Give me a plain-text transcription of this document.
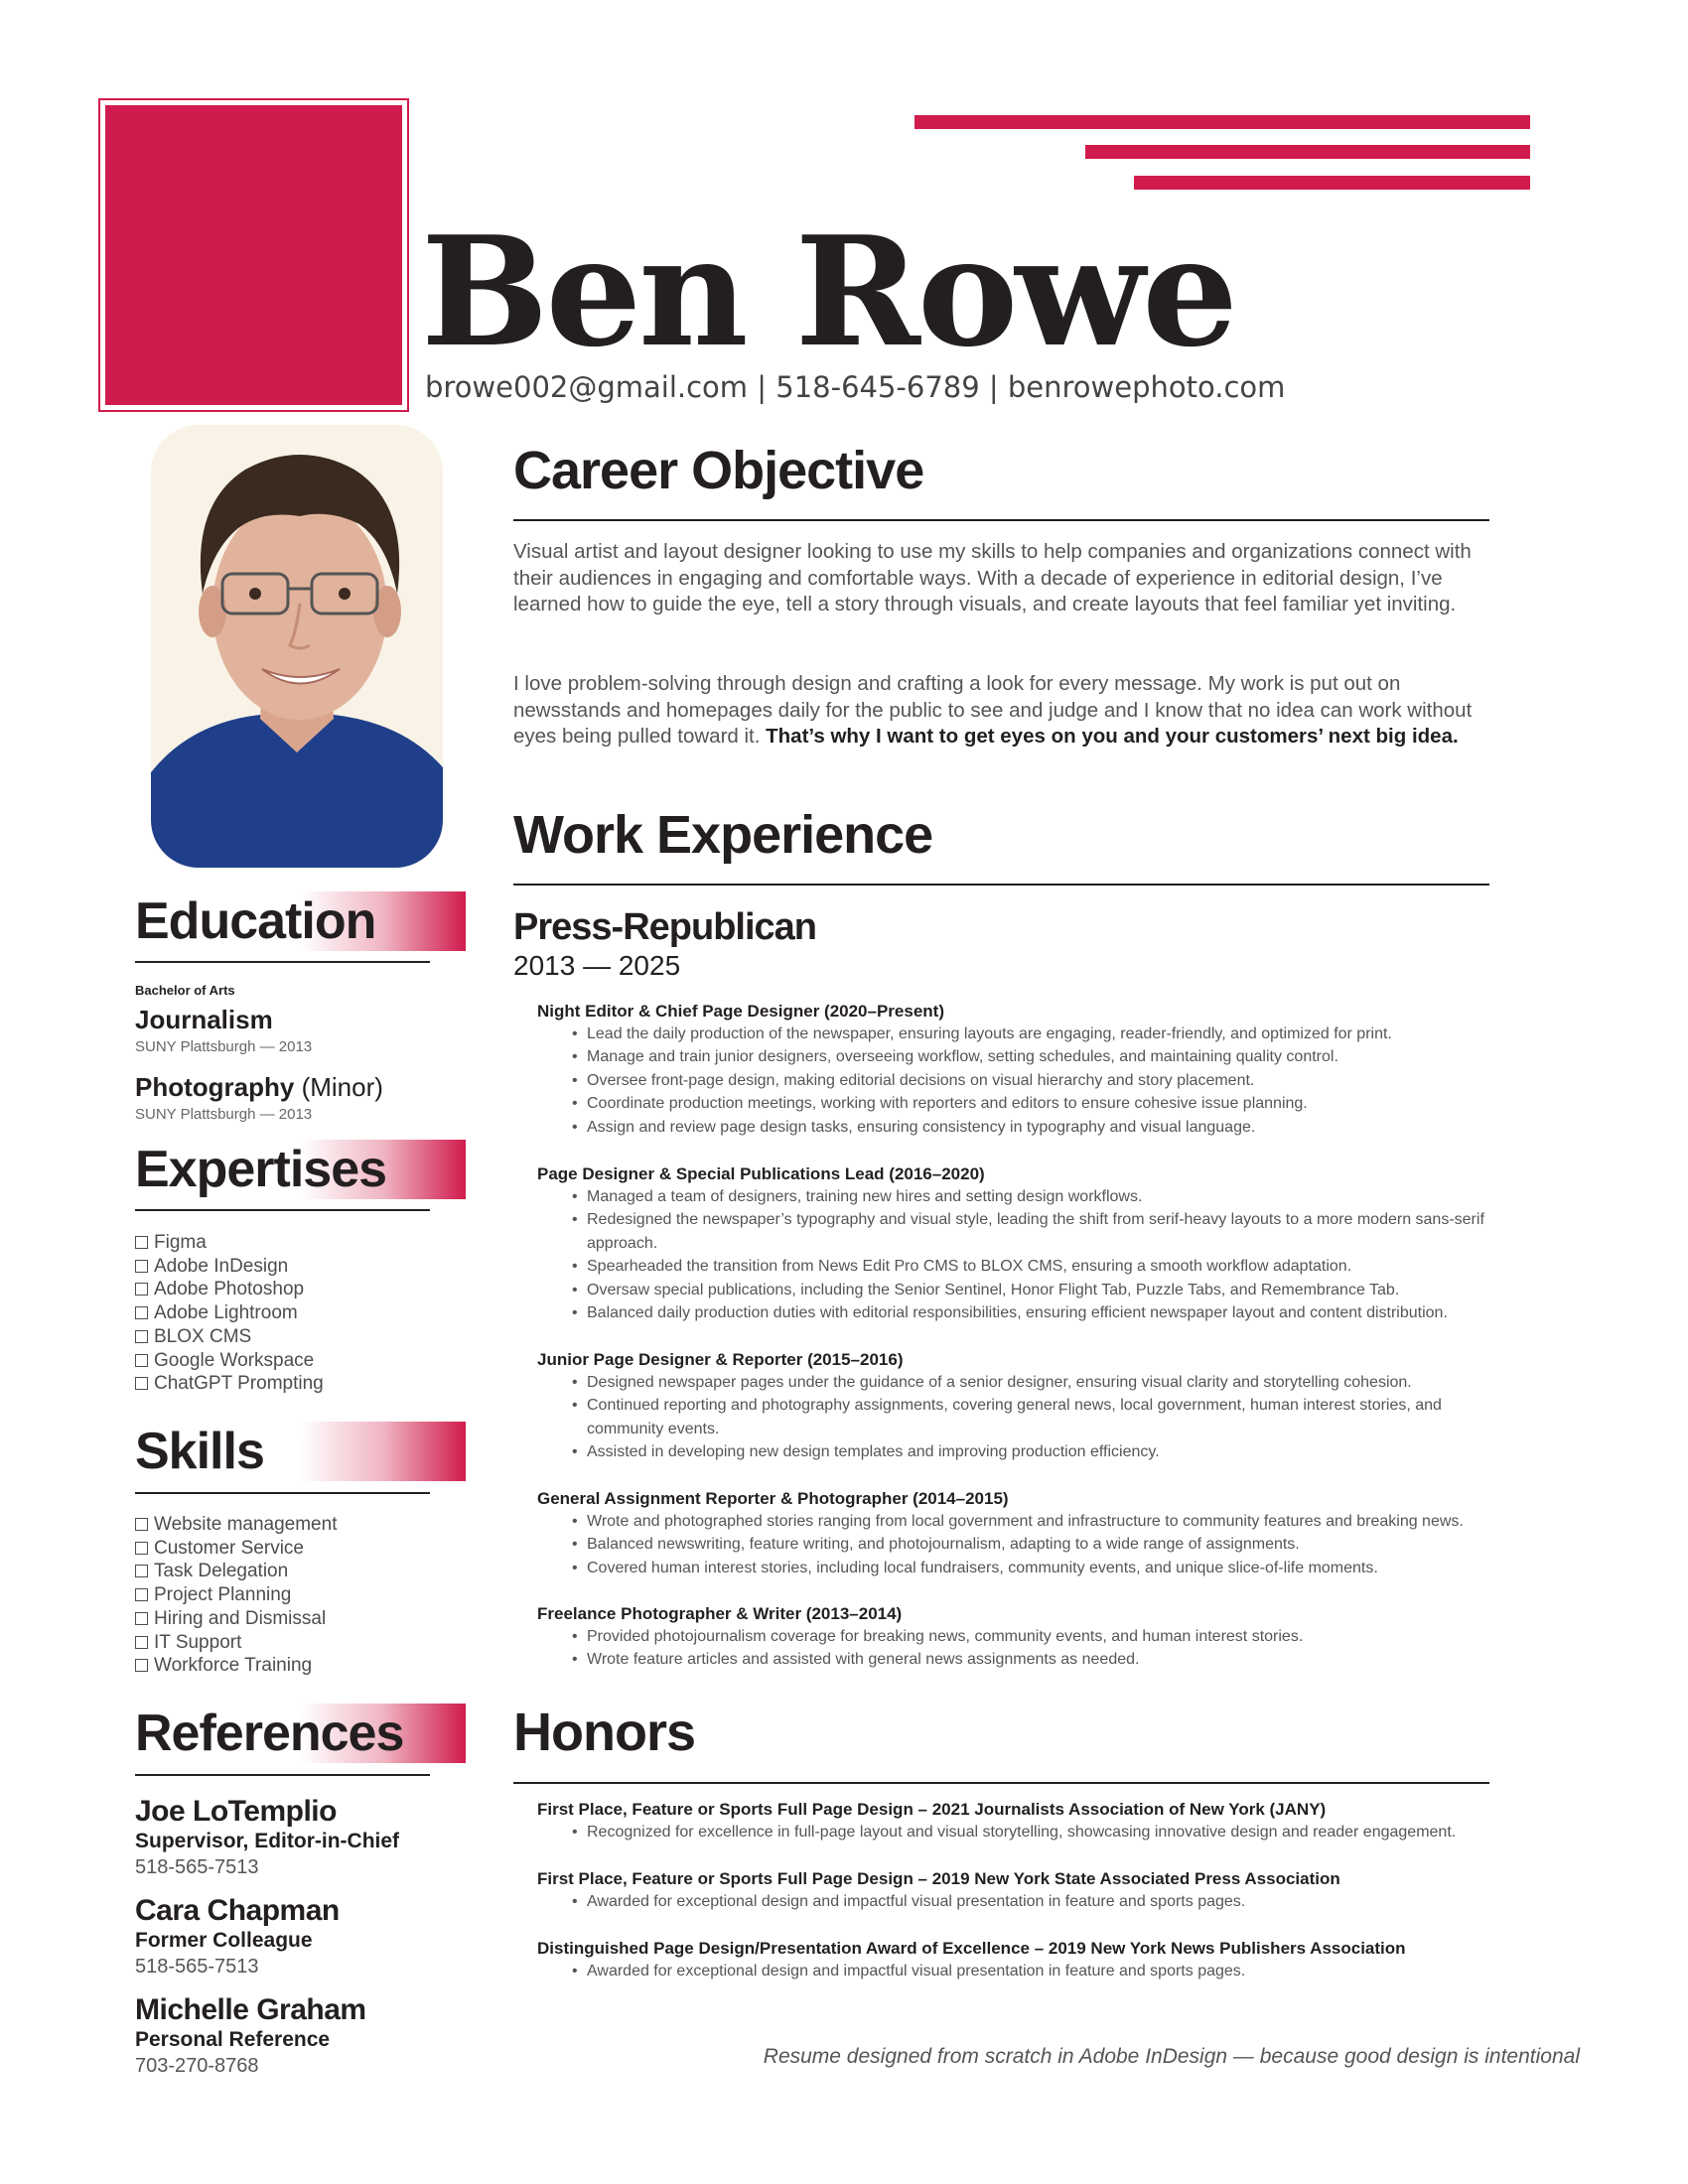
Ben Rowe
browe002@gmail.com | 518-645-6789 | benrowephoto.com
Education
Bachelor of Arts
Journalism
SUNY Plattsburgh — 2013
Photography (Minor)
SUNY Plattsburgh — 2013
Expertises
Figma
Adobe InDesign
Adobe Photoshop
Adobe Lightroom
BLOX CMS
Google Workspace
ChatGPT Prompting
Skills
Website management
Customer Service
Task Delegation
Project Planning
Hiring and Dismissal
IT Support
Workforce Training
References
Joe LoTemplio
Supervisor, Editor-in-Chief
518-565-7513
Cara Chapman
Former Colleague
518-565-7513
Michelle Graham
Personal Reference
703-270-8768
Career Objective

Visual artist and layout designer looking to use my skills to help companies and organizations connect with their audiences in engaging and comfortable ways. With a decade of experience in editorial design, I’ve learned how to guide the eye, tell a story through visuals, and create layouts that feel familiar yet inviting.

I love problem-solving through design and crafting a look for every message. My work is put out on newsstands and homepages daily for the public to see and judge and I know that no idea can work without eyes being pulled toward it. That’s why I want to get eyes on you and your customers’ next big idea.

Work Experience
Press-Republican
2013 — 2025
Night Editor & Chief Page Designer (2020–Present)
• Lead the daily production of the newspaper, ensuring layouts are engaging, reader-friendly, and optimized for print.
• Manage and train junior designers, overseeing workflow, setting schedules, and maintaining quality control.
• Oversee front-page design, making editorial decisions on visual hierarchy and story placement.
• Coordinate production meetings, working with reporters and editors to ensure cohesive issue planning.
• Assign and review page design tasks, ensuring consistency in typography and visual language.
Page Designer & Special Publications Lead (2016–2020)
• Managed a team of designers, training new hires and setting design workflows.
• Redesigned the newspaper’s typography and visual style, leading the shift from serif-heavy layouts to a more modern sans-serif approach.
• Spearheaded the transition from News Edit Pro CMS to BLOX CMS, ensuring a smooth workflow adaptation.
• Oversaw special publications, including the Senior Sentinel, Honor Flight Tab, Puzzle Tabs, and Remembrance Tab.
• Balanced daily production duties with editorial responsibilities, ensuring efficient newspaper layout and content distribution.
Junior Page Designer & Reporter (2015–2016)
• Designed newspaper pages under the guidance of a senior designer, ensuring visual clarity and storytelling cohesion.
• Continued reporting and photography assignments, covering general news, local government, human interest stories, and community events.
• Assisted in developing new design templates and improving production efficiency.
General Assignment Reporter & Photographer (2014–2015)
• Wrote and photographed stories ranging from local government and infrastructure to community features and breaking news.
• Balanced newswriting, feature writing, and photojournalism, adapting to a wide range of assignments.
• Covered human interest stories, including local fundraisers, community events, and unique slice-of-life moments.
Freelance Photographer & Writer (2013–2014)
• Provided photojournalism coverage for breaking news, community events, and human interest stories.
• Wrote feature articles and assisted with general news assignments as needed.
Honors
First Place, Feature or Sports Full Page Design – 2021 Journalists Association of New York (JANY)
• Recognized for excellence in full-page layout and visual storytelling, showcasing innovative design and reader engagement.
First Place, Feature or Sports Full Page Design – 2019 New York State Associated Press Association
• Awarded for exceptional design and impactful visual presentation in feature and sports pages.
Distinguished Page Design/Presentation Award of Excellence – 2019 New York News Publishers Association
• Awarded for exceptional design and impactful visual presentation in feature and sports pages.
Resume designed from scratch in Adobe InDesign — because good design is intentional
